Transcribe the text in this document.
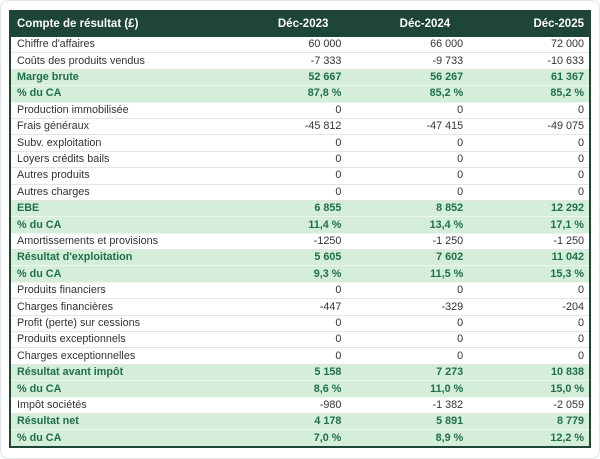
Compte de résultat (£)	Déc-2023	Déc-2024	Déc-2025
Chiffre d'affaires	60 000	66 000	72 000
Coûts des produits vendus	-7 333	-9 733	-10 633
Marge brute	52 667	56 267	61 367
% du CA	87,8 %	85,2 %	85,2 %
Production immobilisée	0	0	0
Frais généraux	-45 812	-47 415	-49 075
Subv. exploitation	0	0	0
Loyers crédits bails	0	0	0
Autres produits	0	0	0
Autres charges	0	0	0
EBE	6 855	8 852	12 292
% du CA	11,4 %	13,4 %	17,1 %
Amortissements et provisions	-1250	-1 250	-1 250
Résultat d'exploitation	5 605	7 602	11 042
% du CA	9,3 %	11,5 %	15,3 %
Produits financiers	0	0	0
Charges financières	-447	-329	-204
Profit (perte) sur cessions	0	0	0
Produits exceptionnels	0	0	0
Charges exceptionnelles	0	0	0
Résultat avant impôt	5 158	7 273	10 838
% du CA	8,6 %	11,0 %	15,0 %
Impôt sociétés	-980	-1 382	-2 059
Résultat net	4 178	5 891	8 779
% du CA	7,0 %	8,9 %	12,2 %
